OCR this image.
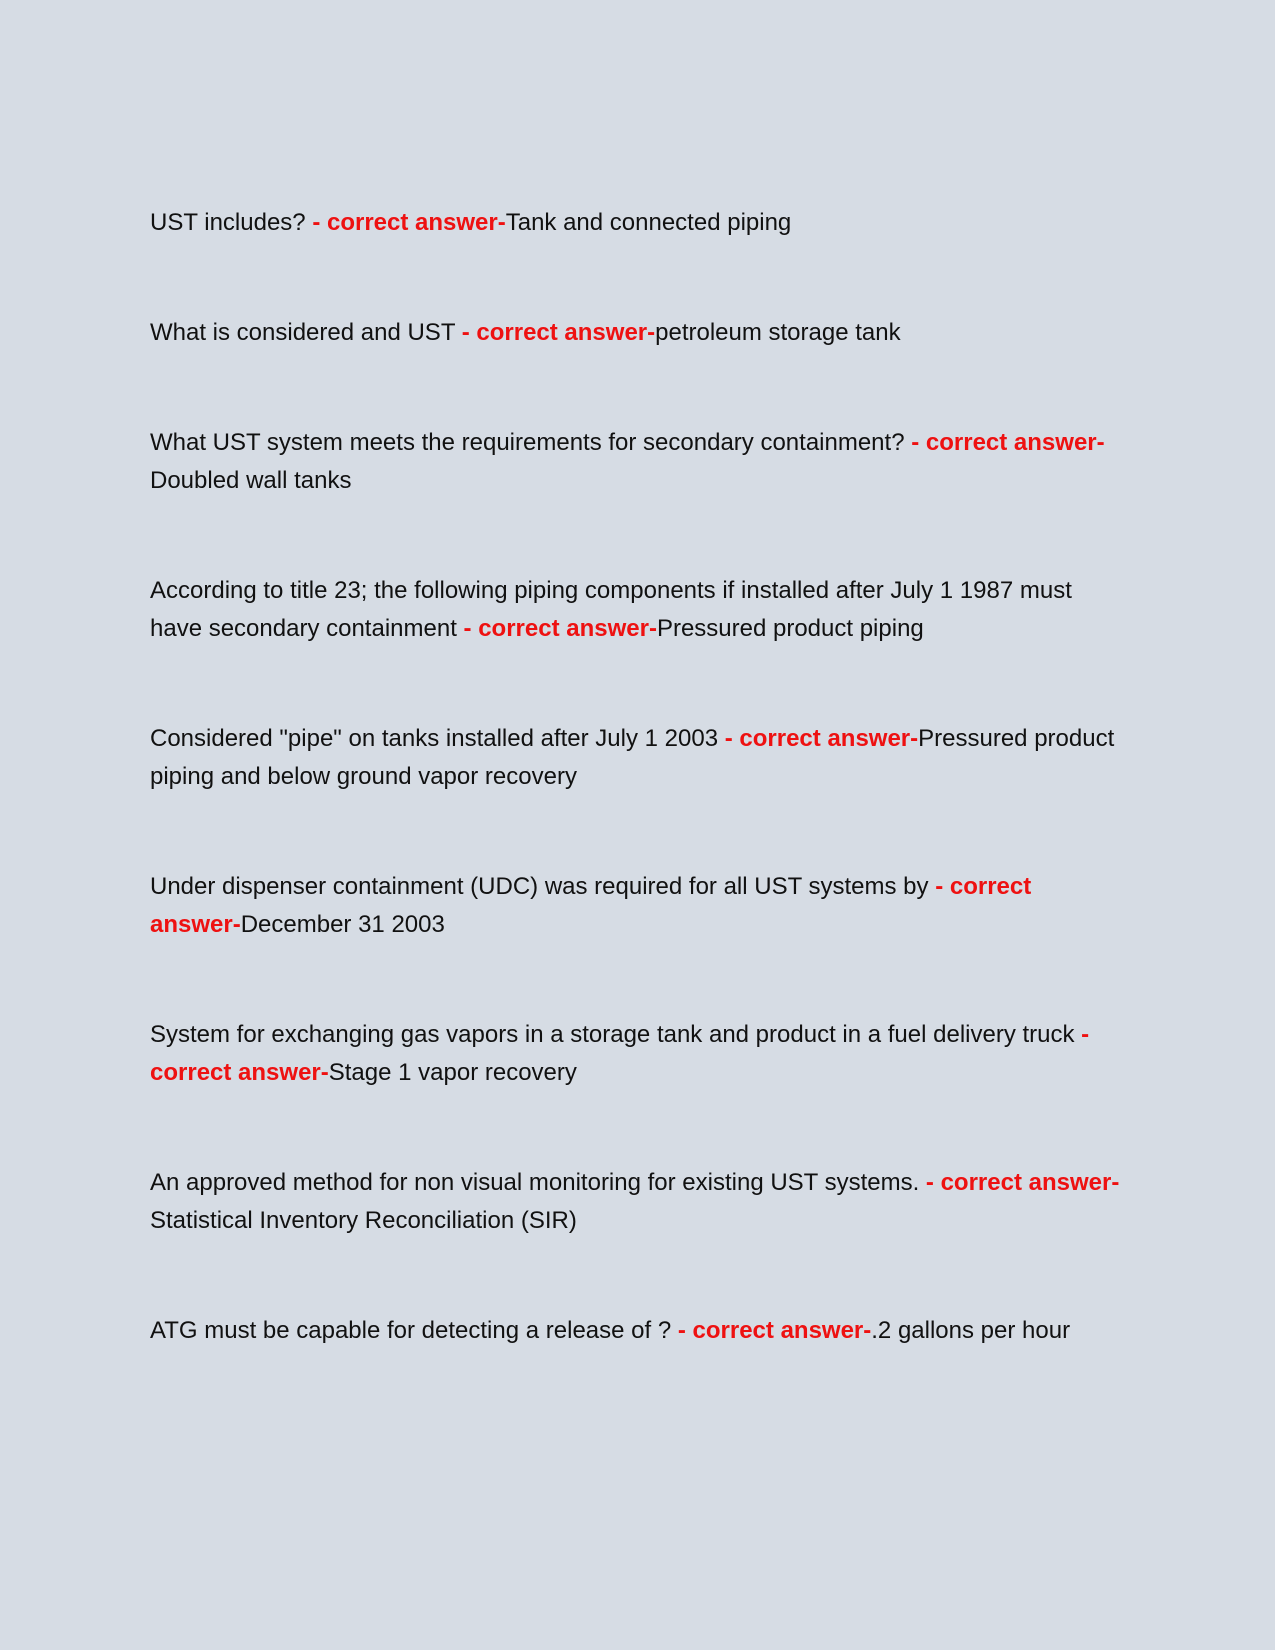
UST includes? - correct answer-Tank and connected piping

What is considered and UST - correct answer-petroleum storage tank

What UST system meets the requirements for secondary containment? - correct answer-Doubled wall tanks

According to title 23; the following piping components if installed after July 1 1987 must have secondary containment - correct answer-Pressured product piping

Considered "pipe" on tanks installed after July 1 2003 - correct answer-Pressured product piping and below ground vapor recovery

Under dispenser containment (UDC) was required for all UST systems by - correct answer-December 31 2003

System for exchanging gas vapors in a storage tank and product in a fuel delivery truck - correct answer-Stage 1 vapor recovery

An approved method for non visual monitoring for existing UST systems. - correct answer-Statistical Inventory Reconciliation (SIR)

ATG must be capable for detecting a release of ? - correct answer-.2 gallons per hour
